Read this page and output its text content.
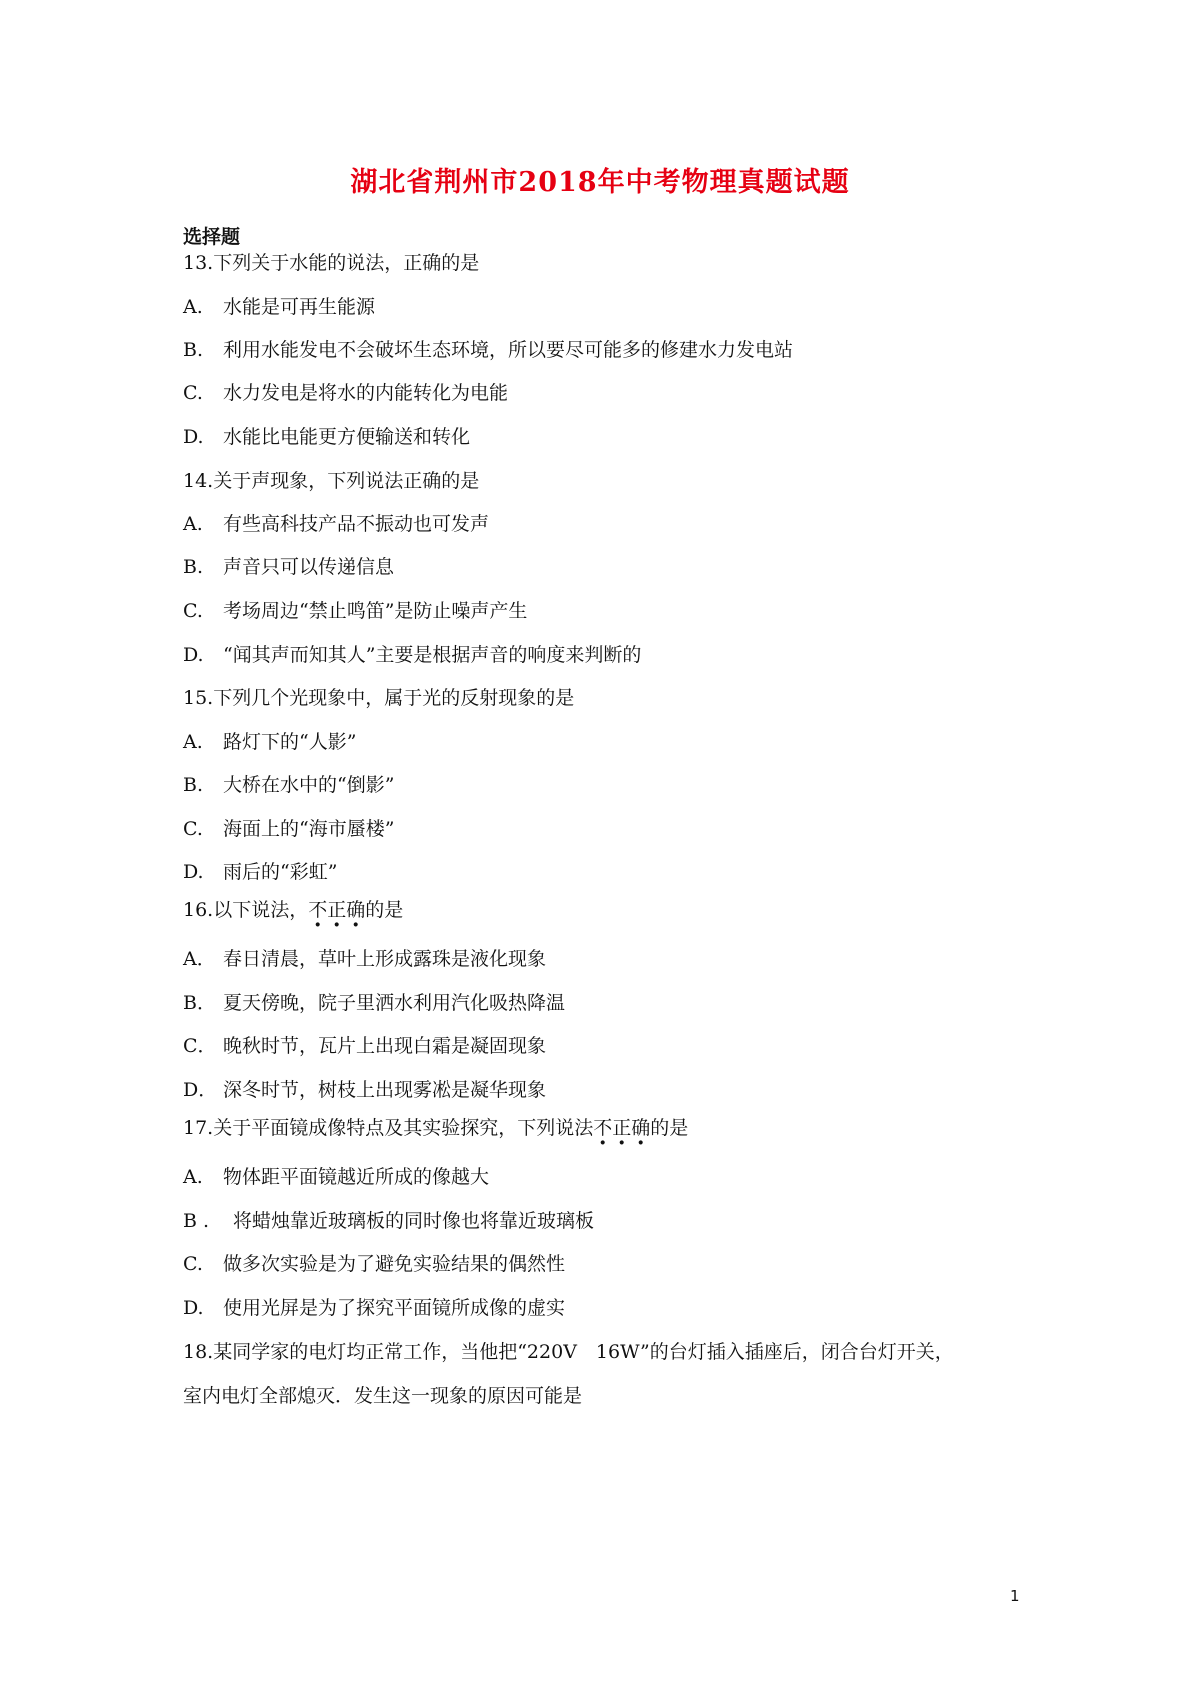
湖北省荆州市2018年中考物理真题试题
选择题
13.下列关于水能的说法，正确的是
A. 水能是可再生能源
B. 利用水能发电不会破坏生态环境，所以要尽可能多的修建水力发电站
C. 水力发电是将水的内能转化为电能
D. 水能比电能更方便输送和转化
14.关于声现象，下列说法正确的是
A. 有些高科技产品不振动也可发声
B. 声音只可以传递信息
C. 考场周边“禁止鸣笛”是防止噪声产生
D. “闻其声而知其人”主要是根据声音的响度来判断的
15.下列几个光现象中，属于光的反射现象的是
A. 路灯下的“人影”
B. 大桥在水中的“倒影”
C. 海面上的“海市蜃楼”
D. 雨后的“彩虹”
16.以下说法，不正确的是
A． 春日清晨，草叶上形成露珠是液化现象
B． 夏天傍晚，院子里洒水利用汽化吸热降温
C． 晚秋时节，瓦片上出现白霜是凝固现象
D． 深冬时节，树枝上出现雾凇是凝华现象
17.关于平面镜成像特点及其实验探究，下列说法不正确的是
A. 物体距平面镜越近所成的像越大
B . 将蜡烛靠近玻璃板的同时像也将靠近玻璃板
C. 做多次实验是为了避免实验结果的偶然性
D. 使用光屏是为了探究平面镜所成像的虚实
18.某同学家的电灯均正常工作，当他把“220V　16W”的台灯插入插座后，闭合台灯开关，
室内电灯全部熄灭．发生这一现象的原因可能是
1
